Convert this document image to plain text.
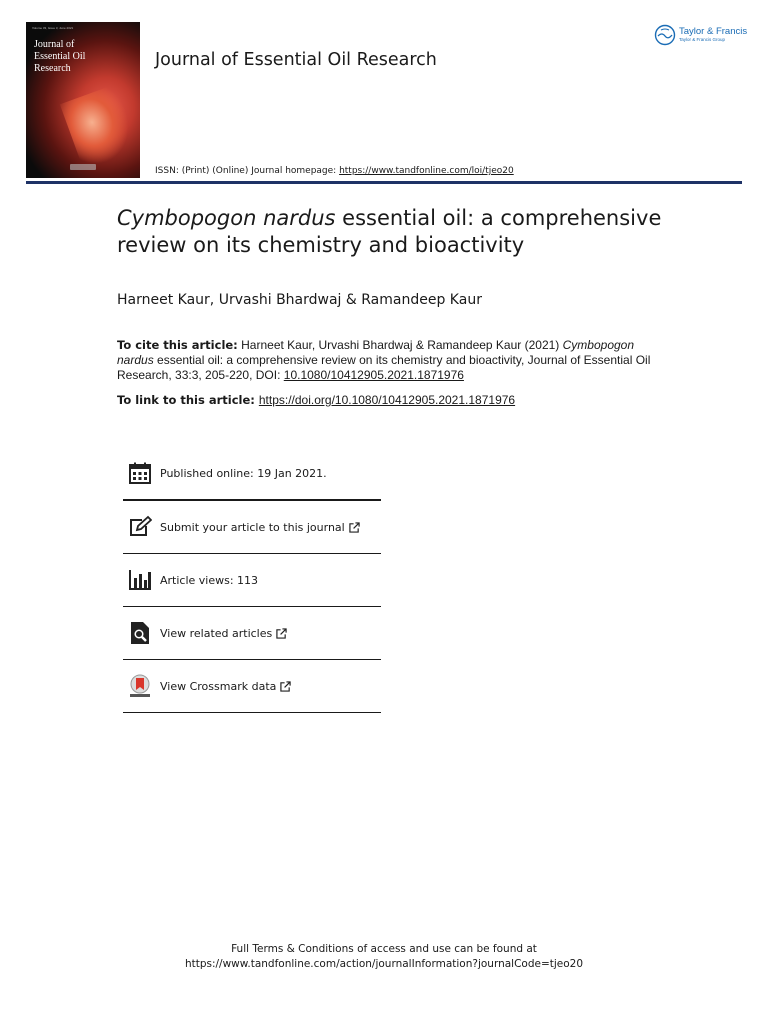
Volume 33, Issue 3, June 2021
Journal of Essential Oil Research	Journal of Essential Oil Research
Taylor & Francis
Taylor & Francis Group
ISSN: (Print) (Online) Journal homepage: https://www.tandfonline.com/loi/tjeo20
Cymbopogon nardus essential oil: a comprehensive review on its chemistry and bioactivity
Harneet Kaur, Urvashi Bhardwaj & Ramandeep Kaur
To cite this article: Harneet Kaur, Urvashi Bhardwaj & Ramandeep Kaur (2021) Cymbopogon nardus essential oil: a comprehensive review on its chemistry and bioactivity, Journal of Essential Oil Research, 33:3, 205-220, DOI: 10.1080/10412905.2021.1871976
To link to this article: https://doi.org/10.1080/10412905.2021.1871976
Published online: 19 Jan 2021.
Submit your article to this journal
Article views: 113
View related articles
View Crossmark data
Full Terms & Conditions of access and use can be found at
https://www.tandfonline.com/action/journalInformation?journalCode=tjeo20
